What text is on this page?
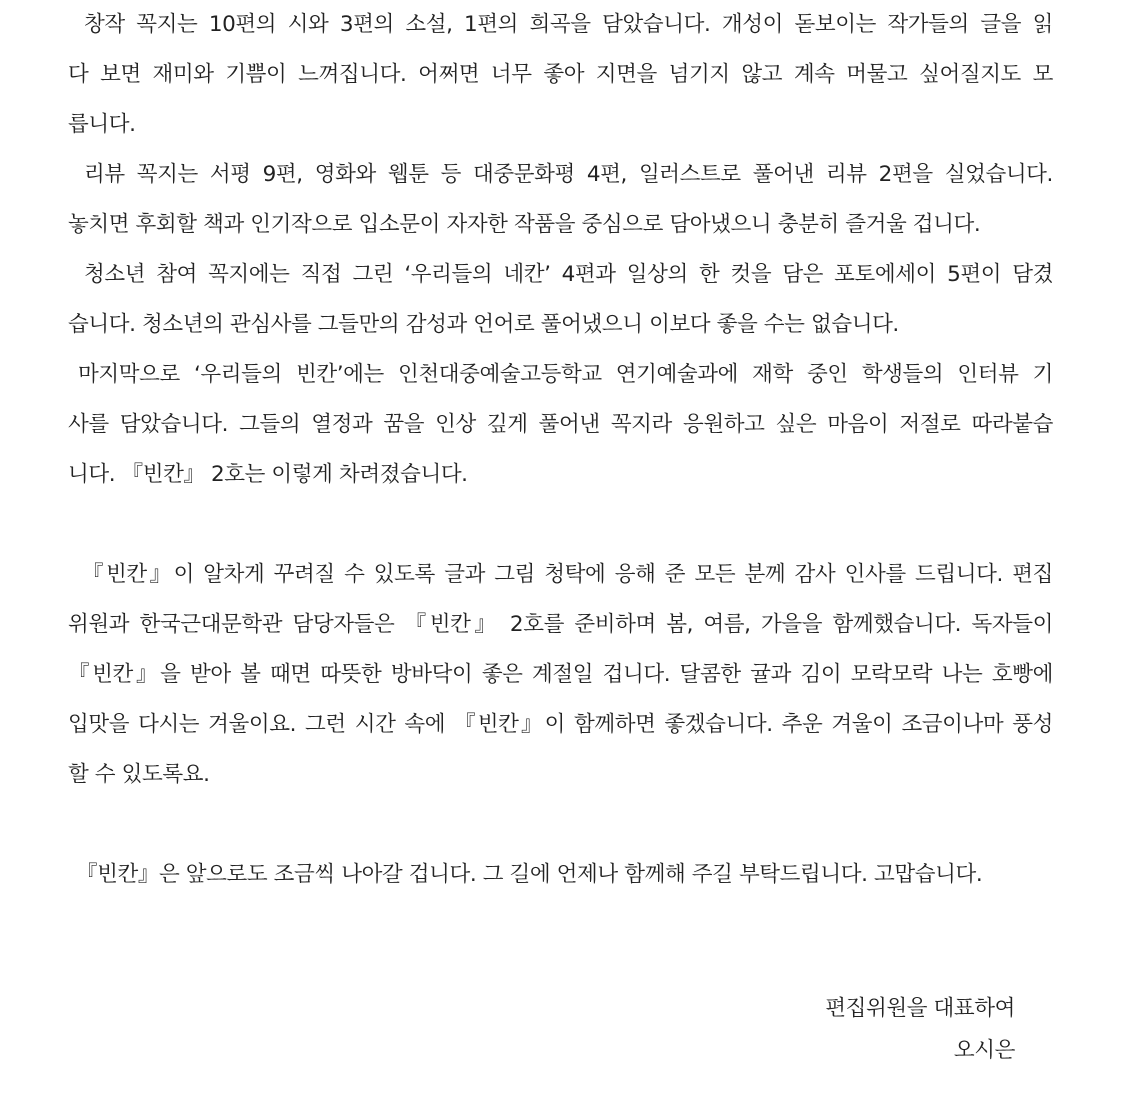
창작 꼭지는 10편의 시와 3편의 소설, 1편의 희곡을 담았습니다. 개성이 돋보이는 작가들의 글을 읽
다 보면 재미와 기쁨이 느껴집니다. 어쩌면 너무 좋아 지면을 넘기지 않고 계속 머물고 싶어질지도 모
릅니다.
리뷰 꼭지는 서평 9편, 영화와 웹툰 등 대중문화평 4편, 일러스트로 풀어낸 리뷰 2편을 실었습니다.
놓치면 후회할 책과 인기작으로 입소문이 자자한 작품을 중심으로 담아냈으니 충분히 즐거울 겁니다.
청소년 참여 꼭지에는 직접 그린 ‘우리들의 네칸’ 4편과 일상의 한 컷을 담은 포토에세이 5편이 담겼
습니다. 청소년의 관심사를 그들만의 감성과 언어로 풀어냈으니 이보다 좋을 수는 없습니다.
마지막으로 ‘우리들의 빈칸’에는 인천대중예술고등학교 연기예술과에 재학 중인 학생들의 인터뷰 기
사를 담았습니다. 그들의 열정과 꿈을 인상 깊게 풀어낸 꼭지라 응원하고 싶은 마음이 저절로 따라붙습
니다. 『빈칸』 2호는 이렇게 차려졌습니다.
『빈칸』이 알차게 꾸려질 수 있도록 글과 그림 청탁에 응해 준 모든 분께 감사 인사를 드립니다. 편집
위원과 한국근대문학관 담당자들은 『빈칸』 2호를 준비하며 봄, 여름, 가을을 함께했습니다. 독자들이
『빈칸』을 받아 볼 때면 따뜻한 방바닥이 좋은 계절일 겁니다. 달콤한 귤과 김이 모락모락 나는 호빵에
입맛을 다시는 겨울이요. 그런 시간 속에 『빈칸』이 함께하면 좋겠습니다. 추운 겨울이 조금이나마 풍성
할 수 있도록요.
『빈칸』은 앞으로도 조금씩 나아갈 겁니다. 그 길에 언제나 함께해 주길 부탁드립니다. 고맙습니다.
편집위원을 대표하여
오시은
